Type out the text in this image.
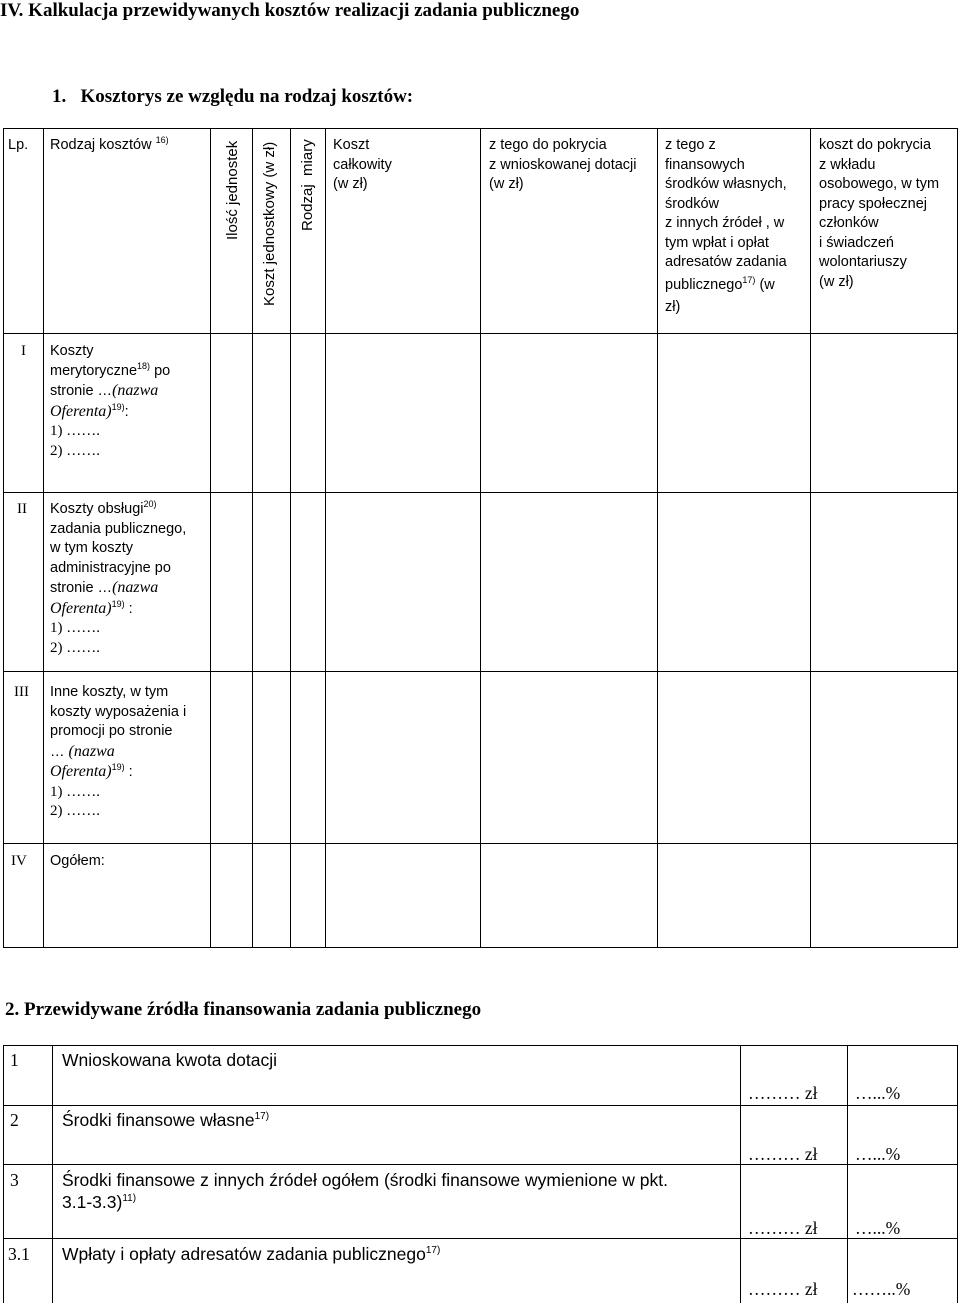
IV. Kalkulacja przewidywanych kosztów realizacji zadania publicznego
1.   Kosztorys ze względu na rodzaj kosztów:
Lp. Rodzaj kosztów $^{16)}$
Ilość jednostek Koszt jednostkowy (w zł) Rodzaj  miary Koszt
całkowity
(w zł)
z tego do pokrycia
z wnioskowanej dotacji
(w zł)
z tego z
finansowych
środków własnych,
środków
z innych źródeł , w
tym wpłat i opłat
adresatów zadania
publicznego$^{17)}$ (w
zł)
koszt do pokrycia
z wkładu
osobowego, w tym
pracy społecznej
członków
i świadczeń
wolontariuszy
(w zł)
I Koszty
merytoryczne$^{18)}$ po
stronie …(nazwa
Oferenta)$^{19)}$:
1) …….
2) …….
II Koszty obsługi$^{20)}$
zadania publicznego,
w tym koszty
administracyjne po
stronie …(nazwa
Oferenta)$^{19)}$ :
1) …….
2) …….
III Inne koszty, w tym
koszty wyposażenia i
promocji po stronie
… (nazwa
Oferenta)$^{19)}$ :
1) …….
2) …….
IV Ogółem:
2. Przewidywane źródła finansowania zadania publicznego
1 Wnioskowana kwota dotacji
……… zł …...%
2 Środki finansowe własne$^{17)}$
……… zł …...%
3 Środki finansowe z innych źródeł ogółem (środki finansowe wymienione w pkt.
3.1-3.3)$^{11)}$
……… zł …...%
3.1 Wpłaty i opłaty adresatów zadania publicznego$^{17)}$
……… zł ……..%
